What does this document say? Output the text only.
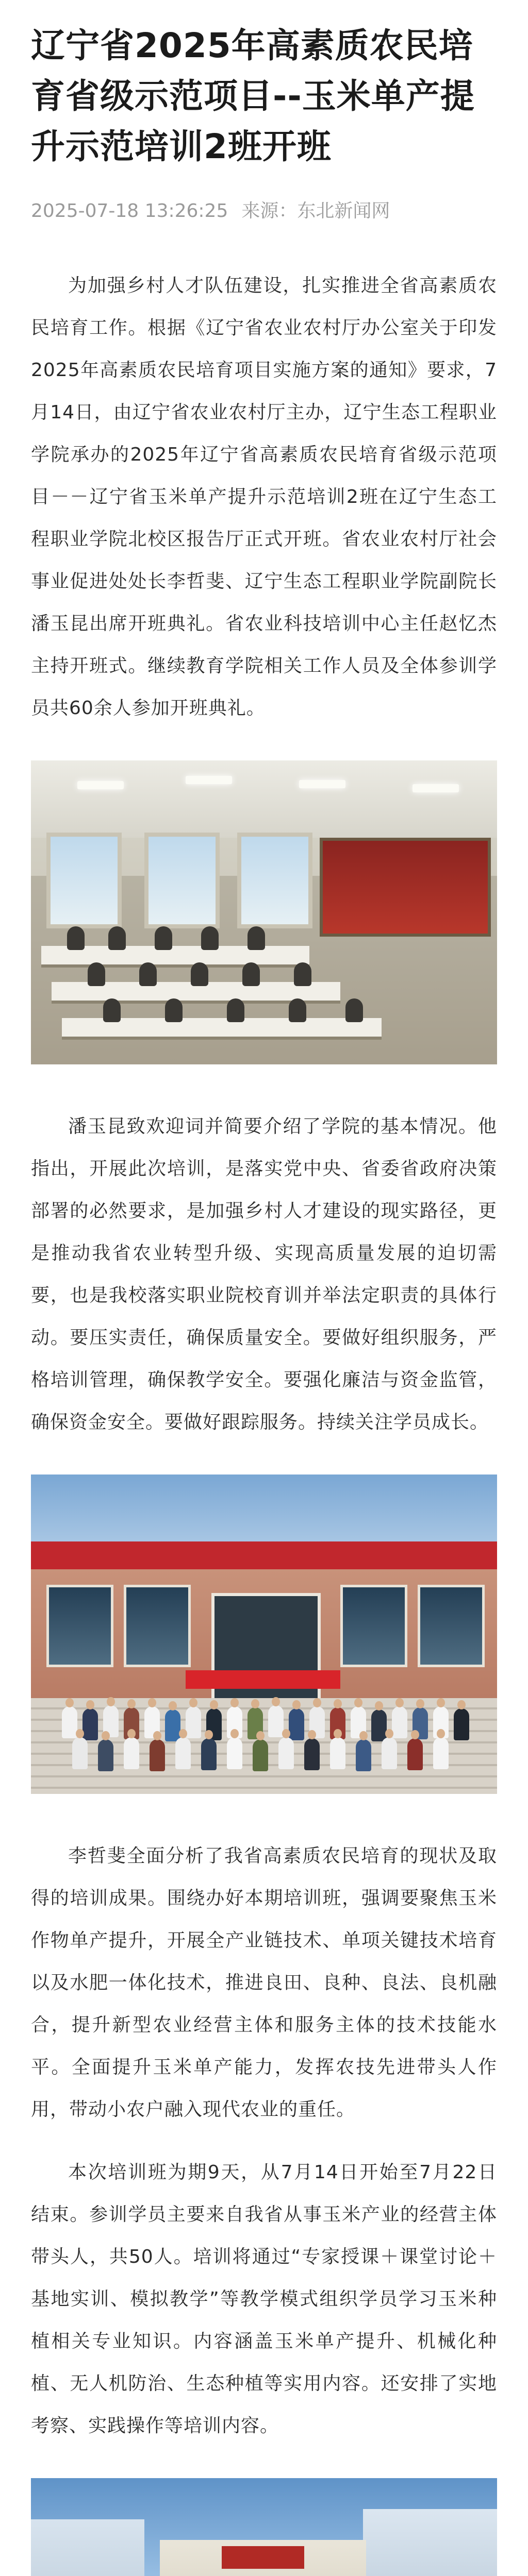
辽宁省2025年高素质农民培育省级示范项目--玉米单产提升示范培训2班开班
2025-07-18 13:26:25 来源：东北新闻网

为加强乡村人才队伍建设，扎实推进全省高素质农民培育工作。根据《辽宁省农业农村厅办公室关于印发2025年高素质农民培育项目实施方案的通知》要求，7月14日，由辽宁省农业农村厅主办，辽宁生态工程职业学院承办的2025年辽宁省高素质农民培育省级示范项目－－辽宁省玉米单产提升示范培训2班在辽宁生态工程职业学院北校区报告厅正式开班。省农业农村厅社会事业促进处处长李哲斐、辽宁生态工程职业学院副院长潘玉昆出席开班典礼。省农业科技培训中心主任赵忆杰主持开班式。继续教育学院相关工作人员及全体参训学员共60余人参加开班典礼。

潘玉昆致欢迎词并简要介绍了学院的基本情况。他指出，开展此次培训，是落实党中央、省委省政府决策部署的必然要求，是加强乡村人才建设的现实路径，更是推动我省农业转型升级、实现高质量发展的迫切需要，也是我校落实职业院校育训并举法定职责的具体行动。要压实责任，确保质量安全。要做好组织服务，严格培训管理，确保教学安全。要强化廉洁与资金监管，确保资金安全。要做好跟踪服务。持续关注学员成长。

李哲斐全面分析了我省高素质农民培育的现状及取得的培训成果。围绕办好本期培训班，强调要聚焦玉米作物单产提升，开展全产业链技术、单项关键技术培育以及水肥一体化技术，推进良田、良种、良法、良机融合，提升新型农业经营主体和服务主体的技术技能水平。全面提升玉米单产能力，发挥农技先进带头人作用，带动小农户融入现代农业的重任。

本次培训班为期9天，从7月14日开始至7月22日结束。参训学员主要来自我省从事玉米产业的经营主体带头人，共50人。培训将通过“专家授课＋课堂讨论＋基地实训、模拟教学”等教学模式组织学员学习玉米种植相关专业知识。内容涵盖玉米单产提升、机械化种植、无人机防治、生态种植等实用内容。还安排了实地考察、实践操作等培训内容。
